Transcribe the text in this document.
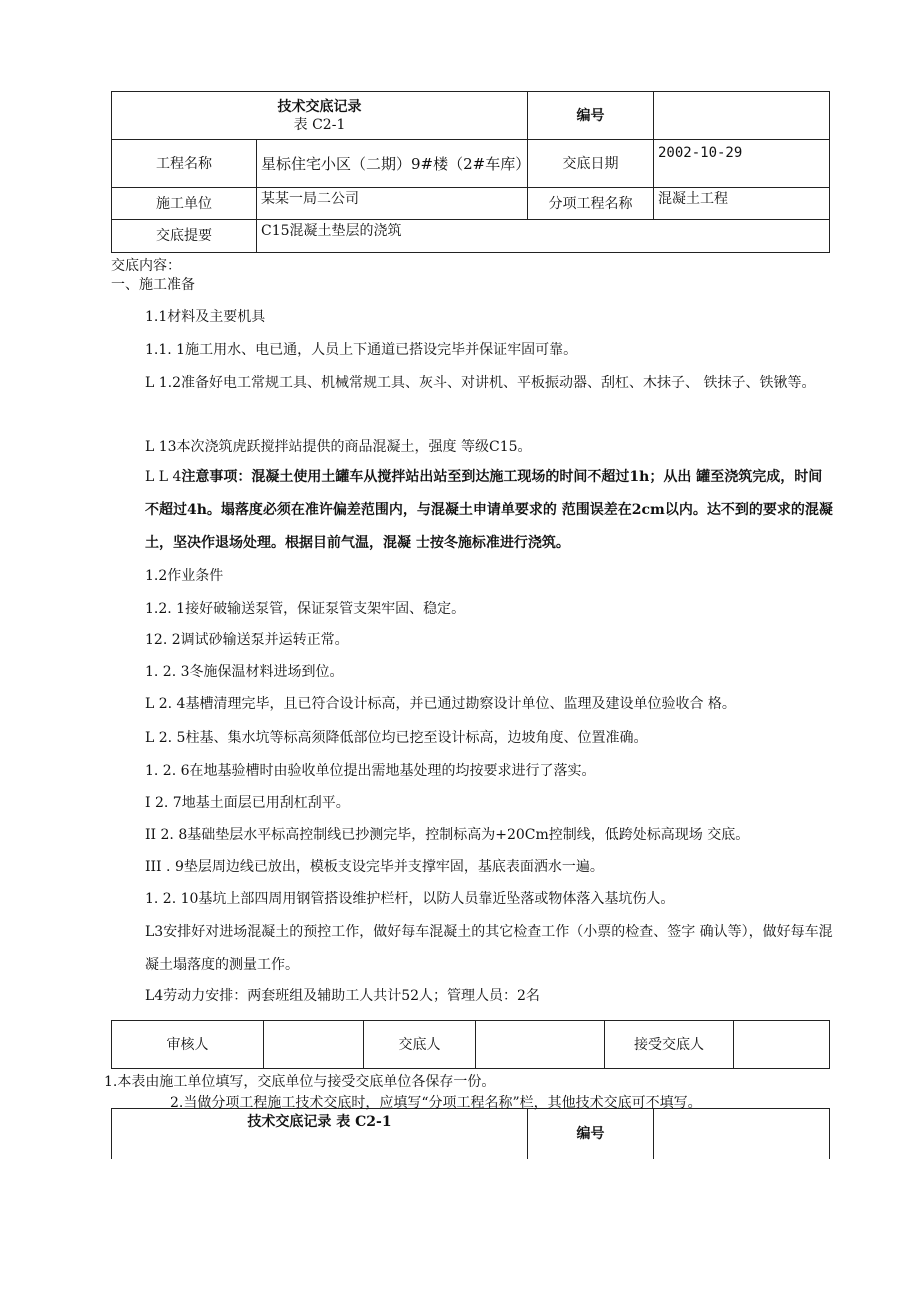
技术交底记录
表 C2-1		编号	
工程名称	星标住宅小区（二期）9#楼（2#车库）	交底日期	2002-10-29
施工单位	某某一局二公司	分项工程名称	混凝土工程
交底提要	C15混凝土垫层的浇筑		
交底内容：
一、施工准备
1.1材料及主要机具
1.1. 1施工用水、电已通，人员上下通道已搭设完毕并保证牢固可靠。
L 1.2准备好电工常规工具、机械常规工具、灰斗、对讲机、平板振动器、刮杠、木抹子、 铁抹子、铁锹等。
L 13本次浇筑虎跃搅拌站提供的商品混凝土，强度 等级C15。
L L 4注意事项：混凝土使用土罐车从搅拌站出站至到达施工现场的时间不超过1h；从出 罐至浇筑完成，时间不超过4h。塌落度必须在准许偏差范围内，与混凝土申请单要求的 范围误差在2cm以内。达不到的要求的混凝土，坚决作退场处理。根据目前气温，混凝 士按冬施标准进行浇筑。
1.2作业条件
1.2. 1接好破输送泵管，保证泵管支架牢固、稳定。
12. 2调试砂输送泵并运转正常。
1. 2. 3冬施保温材料进场到位。
L 2. 4基槽清理完毕，且已符合设计标高，并已通过勘察设计单位、监理及建设单位验收合 格。
L 2. 5柱基、集水坑等标高须降低部位均已挖至设计标高，边坡角度、位置准确。
1. 2. 6在地基验槽时由验收单位提出需地基处理的均按要求进行了落实。
I 2. 7地基土面层已用刮杠刮平。
II 2. 8基础垫层水平标高控制线已抄测完毕，控制标高为+20Cm控制线，低跨处标高现场 交底。
III . 9垫层周边线已放出，模板支设完毕并支撑牢固，基底表面洒水一遍。
1. 2. 10基坑上部四周用钢管搭设维护栏杆，以防人员靠近坠落或物体落入基坑伤人。
L3安排好对进场混凝土的预控工作，做好每车混凝土的其它检查工作（小票的检查、签字 确认等），做好每车混凝土塌落度的测量工作。
L4劳动力安排：两套班组及辅助工人共计52人；管理人员：2名
审核人		交底人		接受交底人	
1.本表由施工单位填写，交底单位与接受交底单位各保存一份。
2.当做分项工程施工技术交底时，应填写“分项工程名称”栏，其他技术交底可不填写。
技术交底记录 表 C2-1	编号	
